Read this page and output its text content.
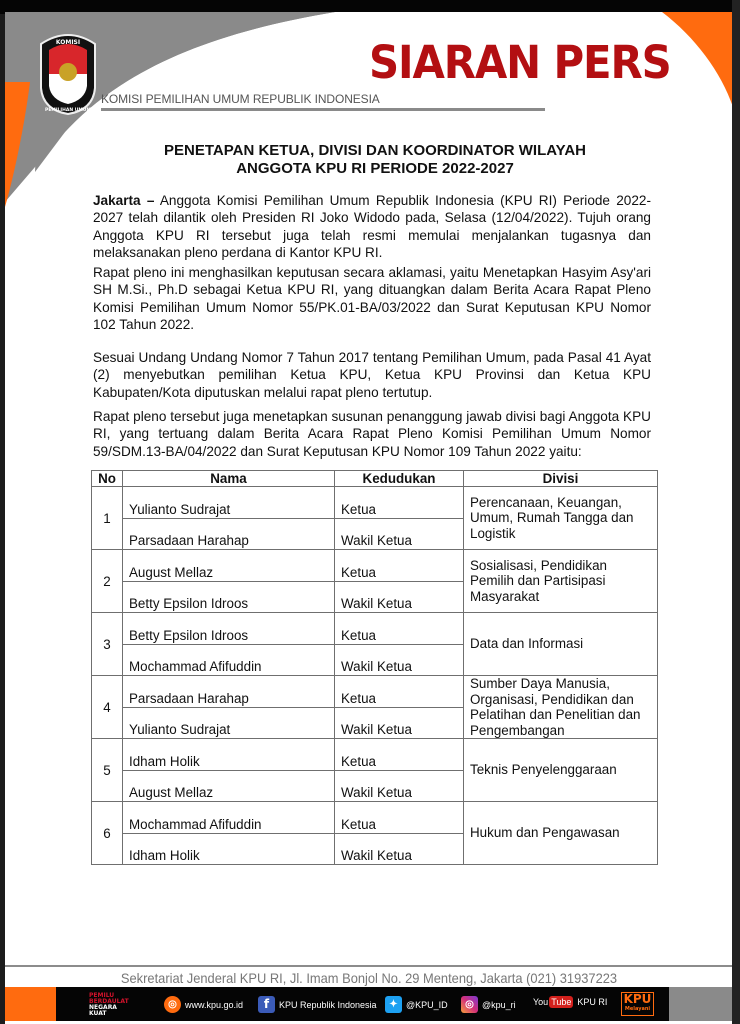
KOMISI
PEMILIHAN UMUM
KOMISI PEMILIHAN UMUM REPUBLIK INDONESIA
SIARAN PERS
PENETAPAN KETUA, DIVISI DAN KOORDINATOR WILAYAH
ANGGOTA KPU RI PERIODE 2022-2027
Jakarta – Anggota Komisi Pemilihan Umum Republik Indonesia (KPU RI) Periode 2022-2027 telah dilantik oleh Presiden RI Joko Widodo pada, Selasa (12/04/2022). Tujuh orang Anggota KPU RI tersebut juga telah resmi memulai menjalankan tugasnya dan melaksanakan pleno perdana di Kantor KPU RI.
Rapat pleno ini menghasilkan keputusan secara aklamasi, yaitu Menetapkan Hasyim Asy'ari SH M.Si., Ph.D sebagai Ketua KPU RI, yang dituangkan dalam Berita Acara Rapat Pleno Komisi Pemilihan Umum Nomor 55/PK.01-BA/03/2022 dan Surat Keputusan KPU Nomor 102 Tahun 2022.
Sesuai Undang Undang Nomor 7 Tahun 2017 tentang Pemilihan Umum, pada Pasal 41 Ayat (2) menyebutkan pemilihan Ketua KPU, Ketua KPU Provinsi dan Ketua KPU Kabupaten/Kota diputuskan melalui rapat pleno tertutup.
Rapat pleno tersebut juga menetapkan susunan penanggung jawab divisi bagi Anggota KPU RI, yang tertuang dalam Berita Acara Rapat Pleno Komisi Pemilihan Umum Nomor 59/SDM.13-BA/04/2022 dan Surat Keputusan KPU Nomor 109 Tahun 2022 yaitu:
No	Nama	Kedudukan	Divisi
1	Yulianto Sudrajat	Ketua	Perencanaan, Keuangan, Umum, Rumah Tangga dan Logistik
	Parsadaan Harahap	Wakil Ketua	
2	August Mellaz	Ketua	Sosialisasi, Pendidikan Pemilih dan Partisipasi Masyarakat
	Betty Epsilon Idroos	Wakil Ketua	
3	Betty Epsilon Idroos	Ketua	Data dan Informasi
	Mochammad Afifuddin	Wakil Ketua	
4	Parsadaan Harahap	Ketua	Sumber Daya Manusia, Organisasi, Pendidikan dan Pelatihan dan Penelitian dan Pengembangan
	Yulianto Sudrajat	Wakil Ketua	
5	Idham Holik	Ketua	Teknis Penyelenggaraan
	August Mellaz	Wakil Ketua	
6	Mochammad Afifuddin	Ketua	Hukum dan Pengawasan
	Idham Holik	Wakil Ketua	
Sekretariat Jenderal KPU RI, Jl. Imam Bonjol No. 29 Menteng, Jakarta (021) 31937223
PEMILU
BERDAULAT
NEGARA
KUAT
◎ www.kpu.go.id	f	KPU Republik Indonesia	✦ @KPU_ID	◎ @kpu_ri You Tube KPU RI KPU
Melayani
